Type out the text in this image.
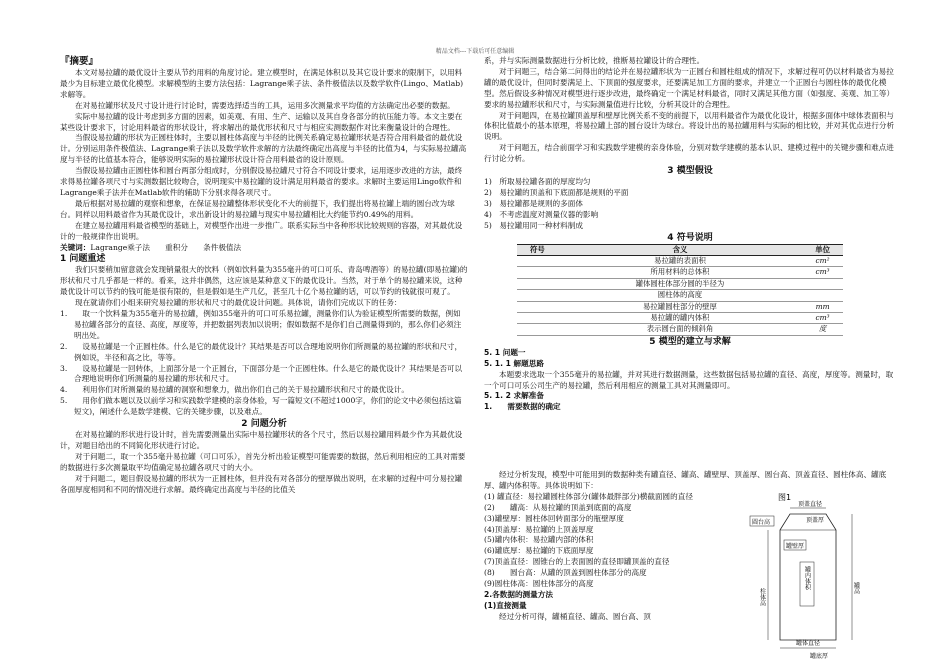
精品文档---下载后可任意编辑

『摘要』

本文对易拉罐的最优设计主要从节约用料的角度讨论。建立模型时，在满足体积以及其它设计要求的限制下，以用料最少为目标建立最优化模型。求解模型的主要方法包括：Lagrange乘子法、条件极值法以及数学软件(Lingo、Matlab)求解等。

在对易拉罐形状及尺寸设计进行讨论时，需要选择适当的工具，运用多次测量求平均值的方法确定出必要的数据。

实际中易拉罐的设计考虑到多方面的因素，如美观、有用、生产、运输以及其自身各部分的抗压能力等。本文主要在某些设计要求下，讨论用料最省的形状设计，将求解出的最优形状和尺寸与相应实测数据作对比来衡量设计的合理性。

当假设易拉罐的形状为正圆柱体时，主要以圆柱体高度与半径的比例关系确定易拉罐形状是否符合用料最省的最优设计。分别运用条件极值法、Lagrange乘子法以及数学软件求解的方法最终确定出高度与半径的比值为4，与实际易拉罐高度与半径的比值基本符合，能够说明实际的易拉罐形状设计符合用料最省的设计原则。

当假设易拉罐由正圆柱体和圆台两部分组成时，分别假设易拉罐尺寸符合不同设计要求，运用逐步改进的方法，最终求得易拉罐各项尺寸与实测数据比较吻合，说明现实中易拉罐的设计满足用料最省的要求。求解时主要运用Lingo软件和Lagrange乘子法并在Matlab软件的辅助下分别求得各项尺寸。

最后根据对易拉罐的观察和想象，在保证易拉罐整体形状变化不大的前提下，我们提出将易拉罐上端的圆台改为球台。同样以用料最省作为其最优设计，求出新设计的易拉罐与现实中易拉罐相比大约能节约0.49%的用料。

在建立易拉罐用料最省模型的基础上，对模型作出进一步推广。联系实际当中各种形状比较规则的容器，对其最优设计的一般规律作出说明。

关键词：Lagrange乘子法　　重积分　　条件极值法

1 问题重述

我们只要稍加留意就会发现销量很大的饮料（例如饮料量为355毫升的可口可乐、青岛啤酒等）的易拉罐(即易拉罐)的形状和尺寸几乎都是一样的。看来，这并非偶然，这应该是某种意义下的最优设计。当然，对于单个的易拉罐来说，这种最优设计可以节约的钱可能是很有限的，但是假如是生产几亿，甚至几十亿个易拉罐的话，可以节约的钱就很可观了。

现在就请你们小组来研究易拉罐的形状和尺寸的最优设计问题。具体说，请你们完成以下的任务：

1.　　取一个饮料量为355毫升的易拉罐，例如355毫升的可口可乐易拉罐，测量你们认为验证模型所需要的数据，例如易拉罐各部分的直径、高度，厚度等，并把数据列表加以说明；假如数据不是你们自己测量得到的，那么你们必须注明出处。

2.　　设易拉罐是一个正圆柱体。什么是它的最优设计？其结果是否可以合理地说明你们所测量的易拉罐的形状和尺寸，例如说，半径和高之比，等等。

3.　　设易拉罐是一回转体，上面部分是一个正圆台，下面部分是一个正圆柱体。什么是它的最优设计？其结果是否可以合理地说明你们所测量的易拉罐的形状和尺寸。

4.　　利用你们对所测量的易拉罐的洞察和想象力，做出你们自己的关于易拉罐形状和尺寸的最优设计。

5.　　用你们做本题以及以前学习和实践数学建模的亲身体验，写一篇短文(不超过1000字，你们的论文中必须包括这篇短文)，阐述什么是数学建模、它的关键步骤，以及难点。

2 问题分析

在对易拉罐的形状进行设计时，首先需要测量出实际中易拉罐形状的各个尺寸，然后以易拉罐用料最少作为其最优设计，对题目给出的不同简化形状进行讨论。

对于问题二，取一个355毫升易拉罐（可口可乐），首先分析出验证模型可能需要的数据，然后利用相应的工具对需要的数据进行多次测量取平均值确定易拉罐各项尺寸的大小。

对于问题二，题目假设易拉罐的形状为一正圆柱体，但并没有对各部分的壁厚做出说明，在求解的过程中可分易拉罐各面厚度相同和不同的情况进行求解。最终确定出高度与半径的比值关

系，并与实际测量数据进行分析比较，推断易拉罐设计的合理性。

对于问题三，结合第二问得出的结论并在易拉罐形状为一正圆台和圆柱组成的情况下，求解过程可仍以材料最省为易拉罐的最优设计，但同时要满足上、下顶面的强度要求，还要满足加工方面的要求，并建立一个正圆台与圆柱体的最优化模型。然后假设多种情况对模型进行逐步改进，最终确定一个满足材料最省，同时又满足其他方面（如强度、美观、加工等）要求的易拉罐形状和尺寸，与实际测量值进行比较，分析其设计的合理性。

对于问题四，在易拉罐顶盖厚和壁厚比例关系不变的前提下，以用料最省作为最优化设计，根据多面体中球体表面积与体积比值最小的基本原理，将易拉罐上部的圆台设计为球台。将设计出的易拉罐用料与实际的相比较，并对其优点进行分析说明。

对于问题五，结合前面学习和实践数学建模的亲身体验，分别对数学建模的基本认识、建模过程中的关键步骤和难点进行讨论分析。

3 模型假设

1)　所取易拉罐各面的厚度均匀

2)　易拉罐的顶盖和下底面都是规则的平面

3)　易拉罐都是规则的多面体

4)　不考虑温度对测量仪器的影响

5)　易拉罐用同一种材料制成

4 符号说明

符号	含义	单位
	易拉罐的表面积	cm²
	所用材料的总体积	cm³
	罐体圆柱体部分圆的半径为	
	圆柱体的高度	
	易拉罐圆柱部分的壁厚	mm
	易拉罐的罐内体积	cm³
	表示圆台面的倾斜角	度

5 模型的建立与求解

5. 1 问题一

5. 1. 1 解题思路

本题要求选取一个355毫升的易拉罐，并对其进行数据测量，这些数据包括易拉罐的直径、高度，厚度等。测量时，取一个可口可乐公司生产的易拉罐，然后利用相应的测量工具对其测量即可。

5. 1. 2 求解准备

1.　　需要数据的确定

经过分析发现，模型中可能用到的数据种类有罐直径、罐高、罐壁厚、顶盖厚、圆台高、顶盖直径、圆柱体高、罐底厚、罐内体积等。具体说明如下：

(1) 罐直径：易拉罐圆柱体部分(罐体最胖部分)横截面圆的直径

(2)　　罐高：从易拉罐的顶盖到底面的高度

(3)罐壁厚：圆柱体回转面部分的瓶壁厚度

(4)顶盖厚：易拉罐的上顶盖厚度

(5)罐内体积：易拉罐内部的体积

(6)罐底厚：易拉罐的下底面厚度

(7)顶盖直径：圆锥台的上表面圆的直径即罐顶盖的直径

(8)　　圆台高：从罐的顶盖到圆柱体部分的高度

(9)圆柱体高：圆柱体部分的高度

2.各数据的测量方法

(1)直接测量

经过分析可得，罐桶直径、罐高、圆台高、顶

图1
顶盖直径
顶盖厚
圆台高
罐壁厚
柱体高
罐内体积	罐高
罐体直径
罐底厚
